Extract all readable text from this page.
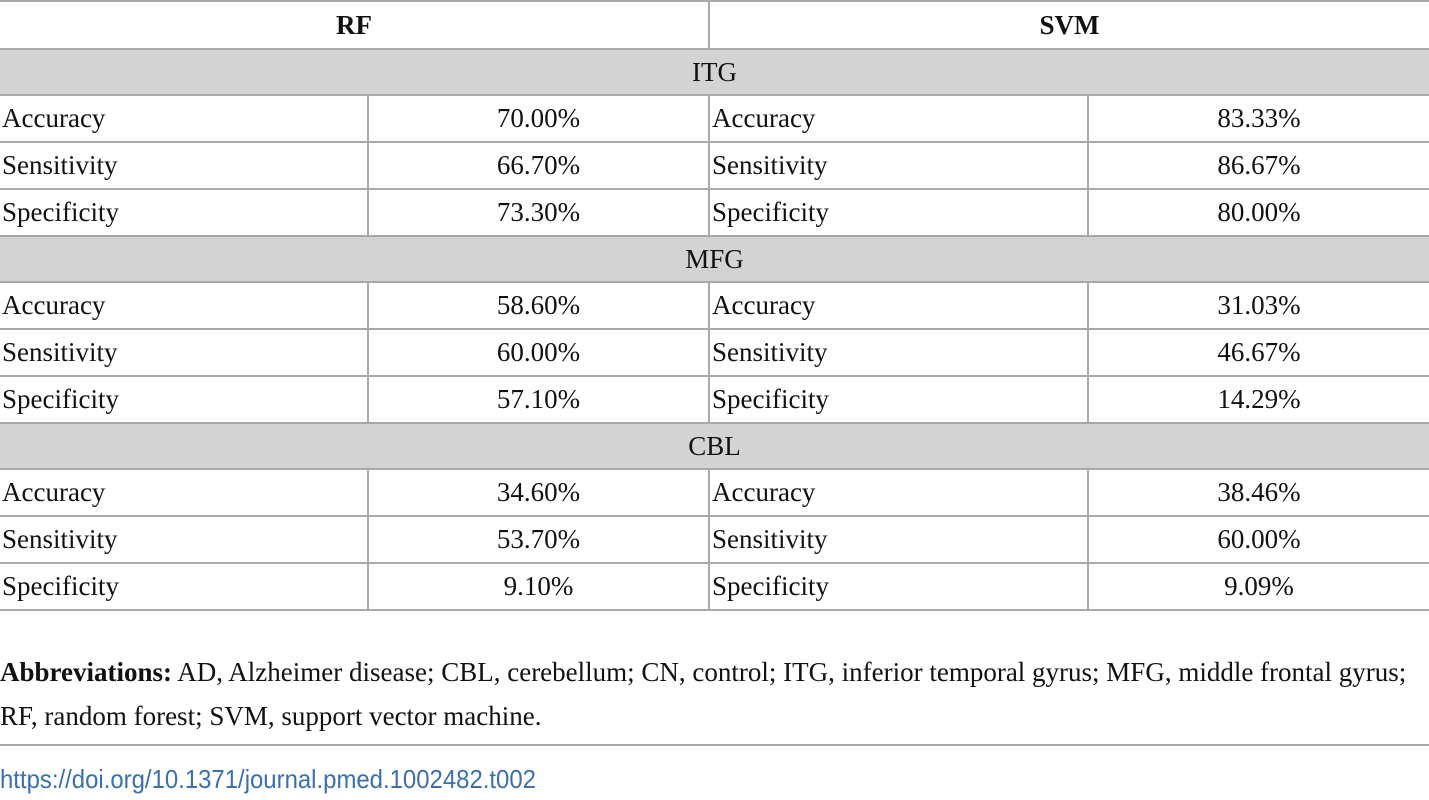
RF		SVM	
ITG			
Accuracy	70.00%	Accuracy	83.33%
Sensitivity	66.70%	Sensitivity	86.67%
Specificity	73.30%	Specificity	80.00%
MFG			
Accuracy	58.60%	Accuracy	31.03%
Sensitivity	60.00%	Sensitivity	46.67%
Specificity	57.10%	Specificity	14.29%
CBL			
Accuracy	34.60%	Accuracy	38.46%
Sensitivity	53.70%	Sensitivity	60.00%
Specificity	9.10%	Specificity	9.09%
Abbreviations: AD, Alzheimer disease; CBL, cerebellum; CN, control; ITG, inferior temporal gyrus; MFG, middle frontal gyrus; RF, random forest; SVM, support vector machine.
https://doi.org/10.1371/journal.pmed.1002482.t002
